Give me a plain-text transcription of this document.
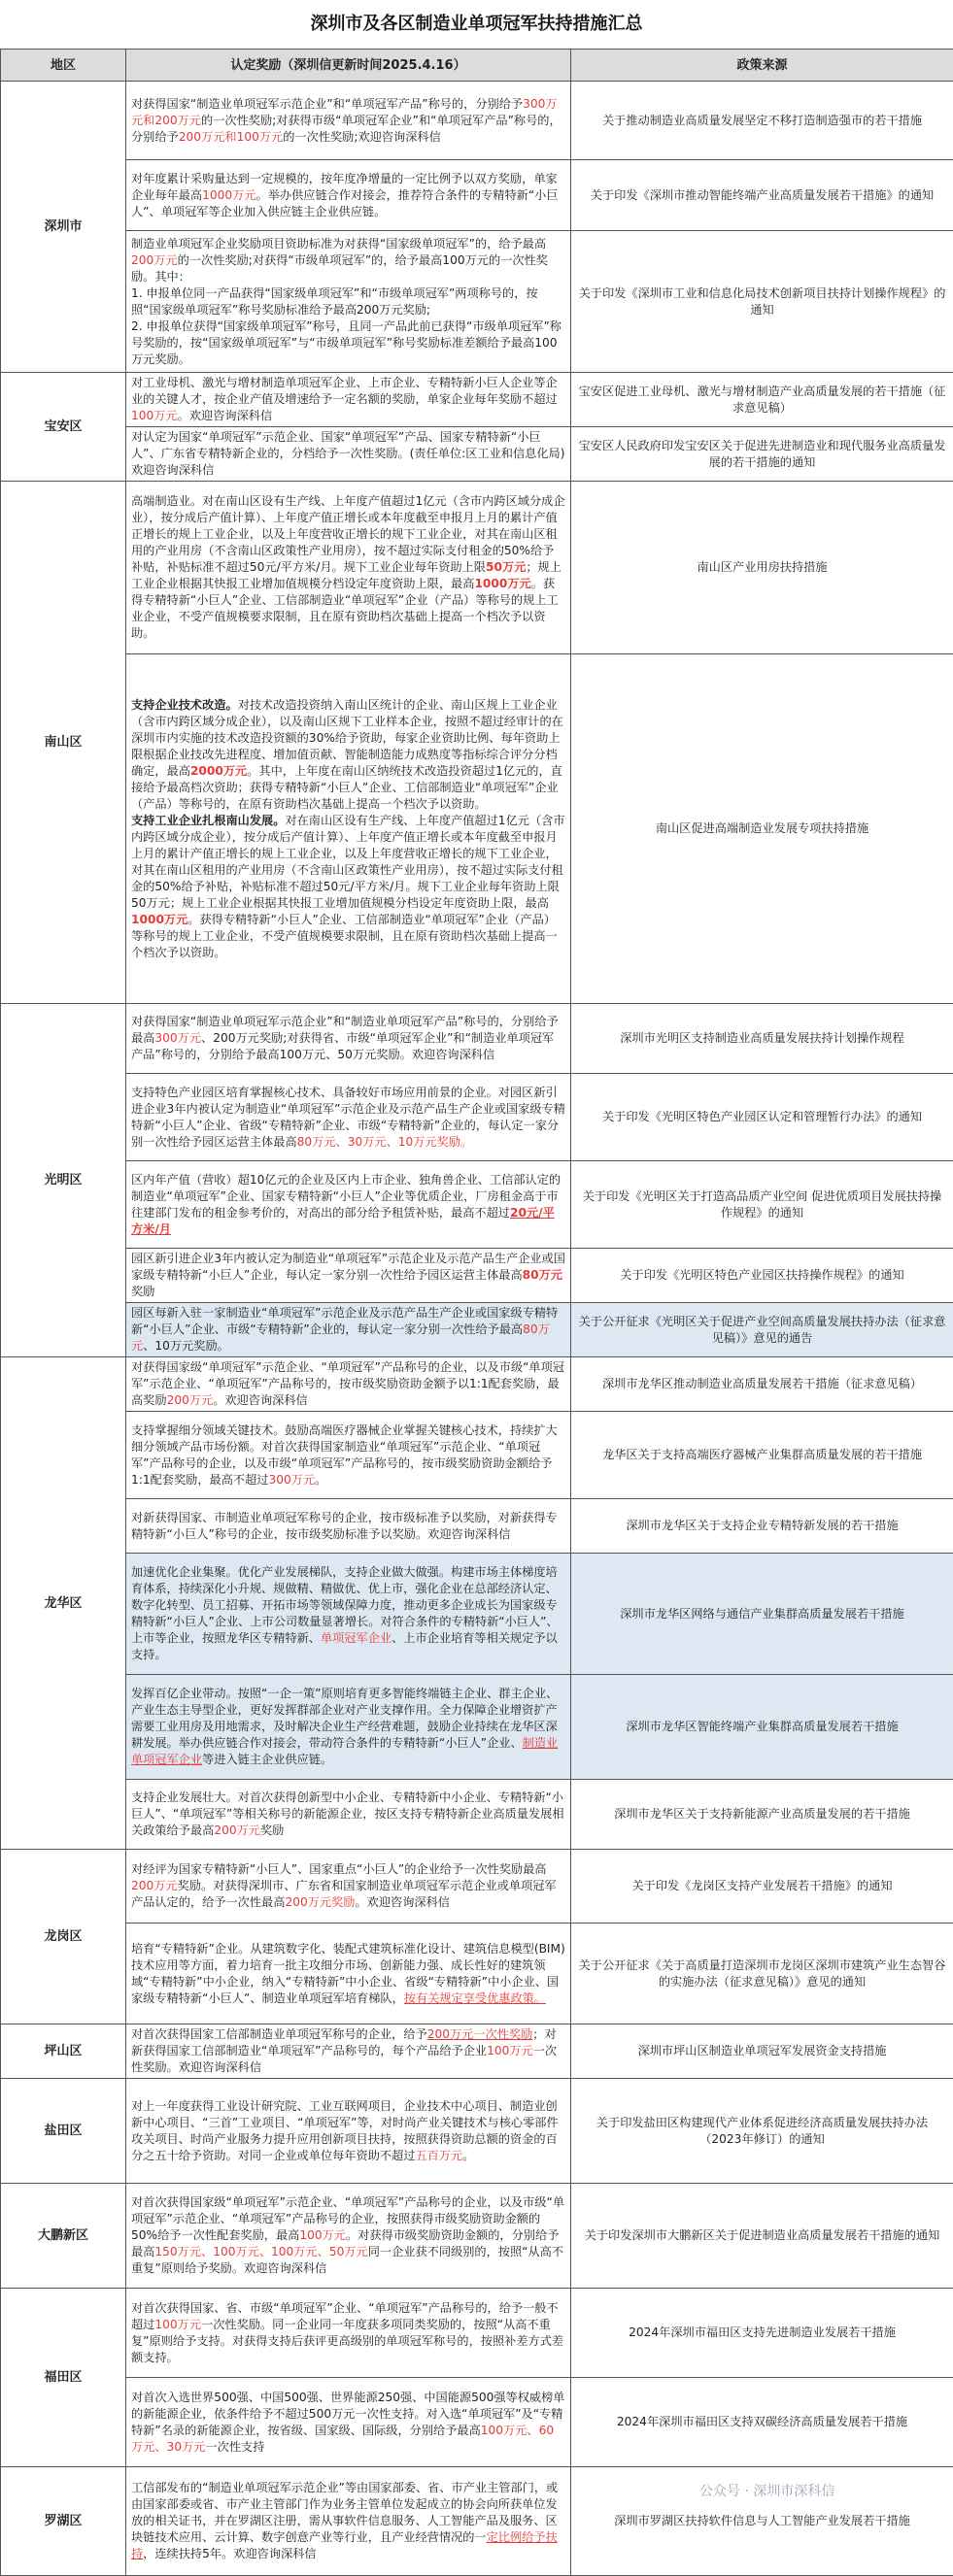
深圳市及各区制造业单项冠军扶持措施汇总
地区	认定奖励（深圳信更新时间2025.4.16）	政策来源
深圳市	对获得国家“制造业单项冠军示范企业”和“单项冠军产品”称号的，分别给予300万元和200万元的一次性奖励;对获得市级“单项冠军企业”和“单项冠军产品”称号的，分别给予200万元和100万元的一次性奖励;欢迎咨询深科信	关于推动制造业高质量发展坚定不移打造制造强市的若干措施
	对年度累计采购量达到一定规模的，按年度净增量的一定比例予以双方奖励，单家企业每年最高1000万元。举办供应链合作对接会，推荐符合条件的专精特新“小巨人”、单项冠军等企业加入供应链主企业供应链。	关于印发《深圳市推动智能终端产业高质量发展若干措施》的通知
	制造业单项冠军企业奖励项目资助标准为对获得“国家级单项冠军”的，给予最高200万元的一次性奖励;对获得“市级单项冠军”的，给予最高100万元的一次性奖励。其中：
1. 申报单位同一产品获得“国家级单项冠军”和“市级单项冠军”两项称号的，按照“国家级单项冠军”称号奖励标准给予最高200万元奖励;
2. 申报单位获得“国家级单项冠军”称号，且同一产品此前已获得“市级单项冠军”称号奖励的，按“国家级单项冠军”与“市级单项冠军”称号奖励标准差额给予最高100万元奖励。	关于印发《深圳市工业和信息化局技术创新项目扶持计划操作规程》的通知
宝安区	对工业母机、激光与增材制造单项冠军企业、上市企业、专精特新小巨人企业等企业的关键人才，按企业产值及增速给予一定名额的奖励，单家企业每年奖励不超过100万元。欢迎咨询深科信	宝安区促进工业母机、激光与增材制造产业高质量发展的若干措施（征求意见稿）
	对认定为国家“单项冠军”示范企业、国家“单项冠军”产品、国家专精特新“小巨人”、广东省专精特新企业的，分档给予一次性奖励。(责任单位:区工业和信息化局) 欢迎咨询深科信	宝安区人民政府印发宝安区关于促进先进制造业和现代服务业高质量发展的若干措施的通知
南山区	高端制造业。对在南山区设有生产线、上年度产值超过1亿元（含市内跨区域分成企业），按分成后产值计算）、上年度产值正增长或本年度截至申报月上月的累计产值正增长的规上工业企业，以及上年度营收正增长的规下工业企业，对其在南山区租用的产业用房（不含南山区政策性产业用房），按不超过实际支付租金的50%给予补贴，补贴标准不超过50元/平方米/月。规下工业企业每年资助上限50万元；规上工业企业根据其快报工业增加值规模分档设定年度资助上限，最高1000万元。获得专精特新“小巨人”企业、工信部制造业“单项冠军”企业（产品）等称号的规上工业企业，不受产值规模要求限制，且在原有资助档次基础上提高一个档次予以资助。	南山区产业用房扶持措施
	支持企业技术改造。对技术改造投资纳入南山区统计的企业、南山区规上工业企业（含市内跨区域分成企业），以及南山区规下工业样本企业，按照不超过经审计的在深圳市内实施的技术改造投资额的30%给予资助，每家企业资助比例、每年资助上限根据企业技改先进程度、增加值贡献、智能制造能力成熟度等指标综合评分分档确定，最高2000万元。其中，上年度在南山区纳统技术改造投资超过1亿元的，直接给予最高档次资助；获得专精特新“小巨人”企业、工信部制造业“单项冠军”企业（产品）等称号的，在原有资助档次基础上提高一个档次予以资助。
支持工业企业扎根南山发展。对在南山区设有生产线、上年度产值超过1亿元（含市内跨区域分成企业），按分成后产值计算）、上年度产值正增长或本年度截至申报月上月的累计产值正增长的规上工业企业，以及上年度营收正增长的规下工业企业，对其在南山区租用的产业用房（不含南山区政策性产业用房），按不超过实际支付租金的50%给予补贴，补贴标准不超过50元/平方米/月。规下工业企业每年资助上限50万元；规上工业企业根据其快报工业增加值规模分档设定年度资助上限，最高1000万元。获得专精特新“小巨人”企业、工信部制造业“单项冠军”企业（产品）等称号的规上工业企业，不受产值规模要求限制，且在原有资助档次基础上提高一个档次予以资助。	南山区促进高端制造业发展专项扶持措施
光明区	对获得国家“制造业单项冠军示范企业”和“制造业单项冠军产品”称号的，分别给予最高300万元、200万元奖励;对获得省、市级“单项冠军企业”和“制造业单项冠军产品”称号的，分别给予最高100万元、50万元奖励。欢迎咨询深科信	深圳市光明区支持制造业高质量发展扶持计划操作规程
	支持特色产业园区培育掌握核心技术、具备较好市场应用前景的企业。对园区新引进企业3年内被认定为制造业“单项冠军”示范企业及示范产品生产企业或国家级专精特新“小巨人”企业、省级“专精特新”企业、市级“专精特新”企业的，每认定一家分别一次性给予园区运营主体最高80万元、30万元、10万元奖励。	关于印发《光明区特色产业园区认定和管理暂行办法》的通知
	区内年产值（营收）超10亿元的企业及区内上市企业、独角兽企业、工信部认定的制造业“单项冠军”企业、国家专精特新“小巨人”企业等优质企业，厂房租金高于市往建部门发布的租金参考价的，对高出的部分给予租赁补贴，最高不超过20元/平方米/月	关于印发《光明区关于打造高品质产业空间 促进优质项目发展扶持操作规程》的通知
	园区新引进企业3年内被认定为制造业“单项冠军”示范企业及示范产品生产企业或国家级专精特新“小巨人”企业，每认定一家分别一次性给予园区运营主体最高80万元奖励	关于印发《光明区特色产业园区扶持操作规程》的通知
	园区每新入驻一家制造业“单项冠军”示范企业及示范产品生产企业或国家级专精特新“小巨人”企业、市级“专精特新”企业的，每认定一家分别一次性给予最高80万元、10万元奖励。	关于公开征求《光明区关于促进产业空间高质量发展扶持办法（征求意见稿）》意见的通告
龙华区	对获得国家级“单项冠军”示范企业、“单项冠军”产品称号的企业，以及市级“单项冠军”示范企业、“单项冠军”产品称号的，按市级奖励资助金额予以1:1配套奖励，最高奖励200万元。欢迎咨询深科信	深圳市龙华区推动制造业高质量发展若干措施（征求意见稿）
	支持掌握细分领域关键技术。鼓励高端医疗器械企业掌握关键核心技术，持续扩大细分领域产品市场份额。对首次获得国家制造业“单项冠军”示范企业、“单项冠军”产品称号的企业，以及市级“单项冠军”产品称号的，按市级奖励资助金额给予1:1配套奖励，最高不超过300万元。	龙华区关于支持高端医疗器械产业集群高质量发展的若干措施
	对新获得国家、市制造业单项冠军称号的企业，按市级标准予以奖励，对新获得专精特新“小巨人”称号的企业，按市级奖励标准予以奖励。欢迎咨询深科信	深圳市龙华区关于支持企业专精特新发展的若干措施
	加速优化企业集聚。优化产业发展梯队，支持企业做大做强。构建市场主体梯度培育体系，持续深化小升规、规做精、精做优、优上市，强化企业在总部经济认定、数字化转型、员工招募、开拓市场等领域保障力度，推动更多企业成长为国家级专精特新“小巨人”企业、上市公司数量显著增长。对符合条件的专精特新“小巨人”、上市等企业，按照龙华区专精特新、单项冠军企业、上市企业培育等相关规定予以支持。	深圳市龙华区网络与通信产业集群高质量发展若干措施
	发挥百亿企业带动。按照“一企一策”原则培育更多智能终端链主企业、群主企业、产业生态主导型企业，更好发挥群部企业对产业支撑作用。全力保障企业增资扩产需要工业用房及用地需求，及时解决企业生产经营难题，鼓励企业持续在龙华区深耕发展。举办供应链合作对接会，带动符合条件的专精特新“小巨人”企业、制造业单项冠军企业等进入链主企业供应链。	深圳市龙华区智能终端产业集群高质量发展若干措施
	支持企业发展壮大。对首次获得创新型中小企业、专精特新中小企业、专精特新“小巨人”、“单项冠军”等相关称号的新能源企业，按区支持专精特新企业高质量发展相关政策给予最高200万元奖励	深圳市龙华区关于支持新能源产业高质量发展的若干措施
龙岗区	对经评为国家专精特新“小巨人”、国家重点“小巨人”的企业给予一次性奖励最高200万元奖励。对获得深圳市、广东省和国家制造业单项冠军示范企业或单项冠军产品认定的，给予一次性最高200万元奖励。欢迎咨询深科信	关于印发《龙岗区支持产业发展若干措施》的通知
	培育“专精特新”企业。从建筑数字化、装配式建筑标准化设计、建筑信息模型(BIM)技术应用等方面，着力培育一批主攻细分市场、创新能力强、成长性好的建筑领域“专精特新”中小企业，纳入“专精特新”中小企业、省级“专精特新”中小企业、国家级专精特新“小巨人”、制造业单项冠军培育梯队，按有关规定享受优惠政策。	关于公开征求《关于高质量打造深圳市龙岗区深圳市建筑产业生态智谷的实施办法（征求意见稿）》意见的通知
坪山区	对首次获得国家工信部制造业单项冠军称号的企业，给予200万元一次性奖励；对新获得国家工信部制造业“单项冠军”产品称号的，每个产品给予企业100万元一次性奖励。欢迎咨询深科信	深圳市坪山区制造业单项冠军发展资金支持措施
盐田区	对上一年度获得工业设计研究院、工业互联网项目，企业技术中心项目、制造业创新中心项目、“三首”工业项目、“单项冠军”等，对时尚产业关键技术与核心零部件攻关项目、时尚产业服务力提升应用创新项目扶持，按照获得资助总额的资金的百分之五十给予资助。对同一企业或单位每年资助不超过五百万元。	关于印发盐田区构建现代产业体系促进经济高质量发展扶持办法（2023年修订）的通知
大鹏新区	对首次获得国家级“单项冠军”示范企业、“单项冠军”产品称号的企业，以及市级“单项冠军”示范企业、“单项冠军”产品称号的企业，按照获得市级奖励资助金额的50%给予一次性配套奖励，最高100万元。对获得市级奖励资助金额的，分别给予最高150万元、100万元、100万元、50万元同一企业获不同级别的，按照“从高不重复”原则给予奖励。欢迎咨询深科信	关于印发深圳市大鹏新区关于促进制造业高质量发展若干措施的通知
福田区	对首次获得国家、省、市级“单项冠军”企业、“单项冠军”产品称号的，给予一般不超过100万元一次性奖励。同一企业同一年度获多项同类奖励的，按照“从高不重复”原则给予支持。对获得支持后获评更高级别的单项冠军称号的，按照补差方式差额支持。	2024年深圳市福田区支持先进制造业发展若干措施
	对首次入选世界500强、中国500强、世界能源250强、中国能源500强等权威榜单的新能源企业，依条件给予不超过500万元一次性支持。对入选“单项冠军”及“专精特新”名录的新能源企业，按省级、国家级、国际级，分别给予最高100万元、60万元、30万元一次性支持	2024年深圳市福田区支持双碳经济高质量发展若干措施
罗湖区	工信部发布的“制造业单项冠军示范企业”等由国家部委、省、市产业主管部门，或由国家部委或省、市产业主管部门作为业务主管单位发起成立的协会向所获单位发放的相关证书，并在罗湖区注册，需从事软件信息服务、人工智能产品及服务、区块链技术应用、云计算、数字创意产业等行业，且产业经营情况的一定比例给予扶持，连续扶持5年。欢迎咨询深科信	深圳市罗湖区扶持软件信息与人工智能产业发展若干措施
公众号 · 深圳市深科信
